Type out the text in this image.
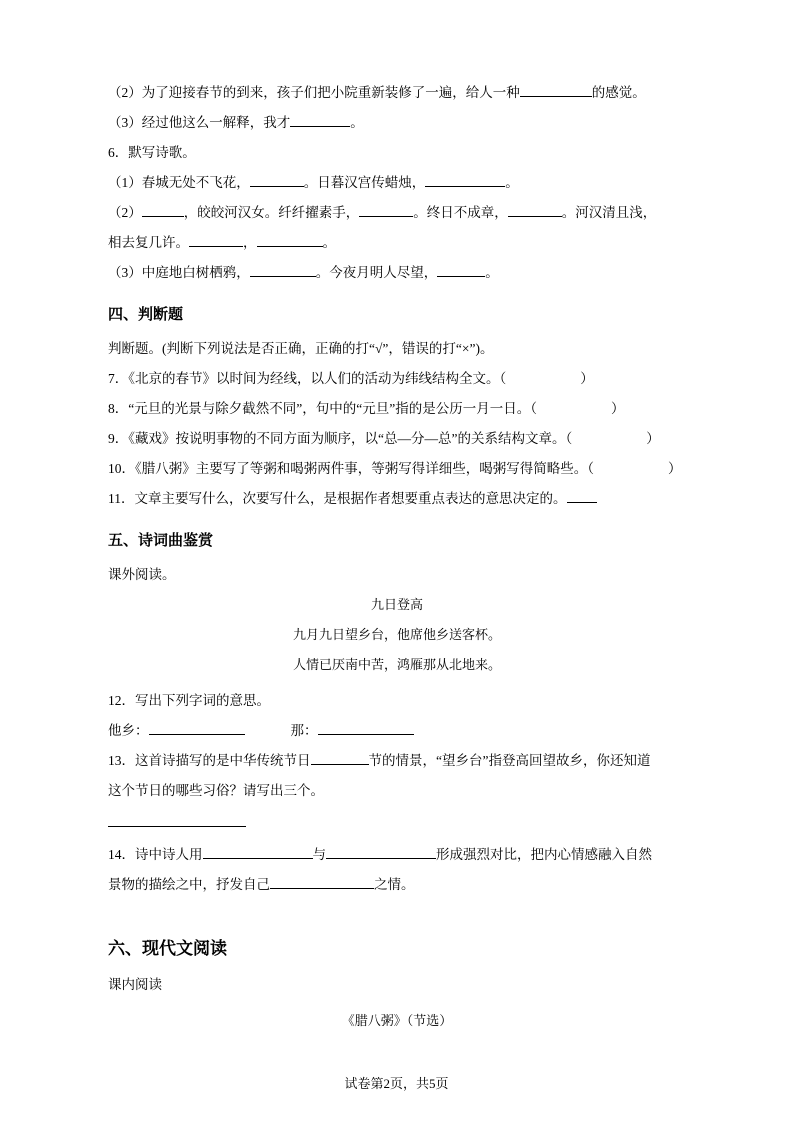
（2）为了迎接春节的到来，孩子们把小院重新装修了一遍，给人一种	的感觉。
（3）经过他这么一解释，我才	。
6．默写诗歌。
（1）春城无处不飞花，	。日暮汉宫传蜡烛，	。
（2）	，皎皎河汉女。纤纤擢素手，	。终日不成章，	。河汉清且浅，
相去复几许。	，	。
（3）中庭地白树栖鸦，	。今夜月明人尽望，	。
四、判断题
判断题。(判断下列说法是否正确，正确的打“√”，错误的打“×”)。
7．《北京的春节》以时间为经线，以人们的活动为纬线结构全文。（	）
8．“元旦的光景与除夕截然不同”，句中的“元旦”指的是公历一月一日。（	）
9．《藏戏》按说明事物的不同方面为顺序，以“总—分—总”的关系结构文章。（	）
10．《腊八粥》主要写了等粥和喝粥两件事，等粥写得详细些，喝粥写得简略些。（	）
11．文章主要写什么，次要写什么，是根据作者想要重点表达的意思决定的。
五、诗词曲鉴赏
课外阅读。
九日登高
九月九日望乡台，他席他乡送客杯。
人情已厌南中苦，鸿雁那从北地来。
12．写出下列字词的意思。
他乡：	那：
13．这首诗描写的是中华传统节日	节的情景，“望乡台”指登高回望故乡，你还知道
这个节日的哪些习俗？请写出三个。
14．诗中诗人用	与	形成强烈对比，把内心情感融入自然
景物的描绘之中，抒发自己	之情。
六、现代文阅读
课内阅读
《腊八粥》（节选）
试卷第2页，共5页
